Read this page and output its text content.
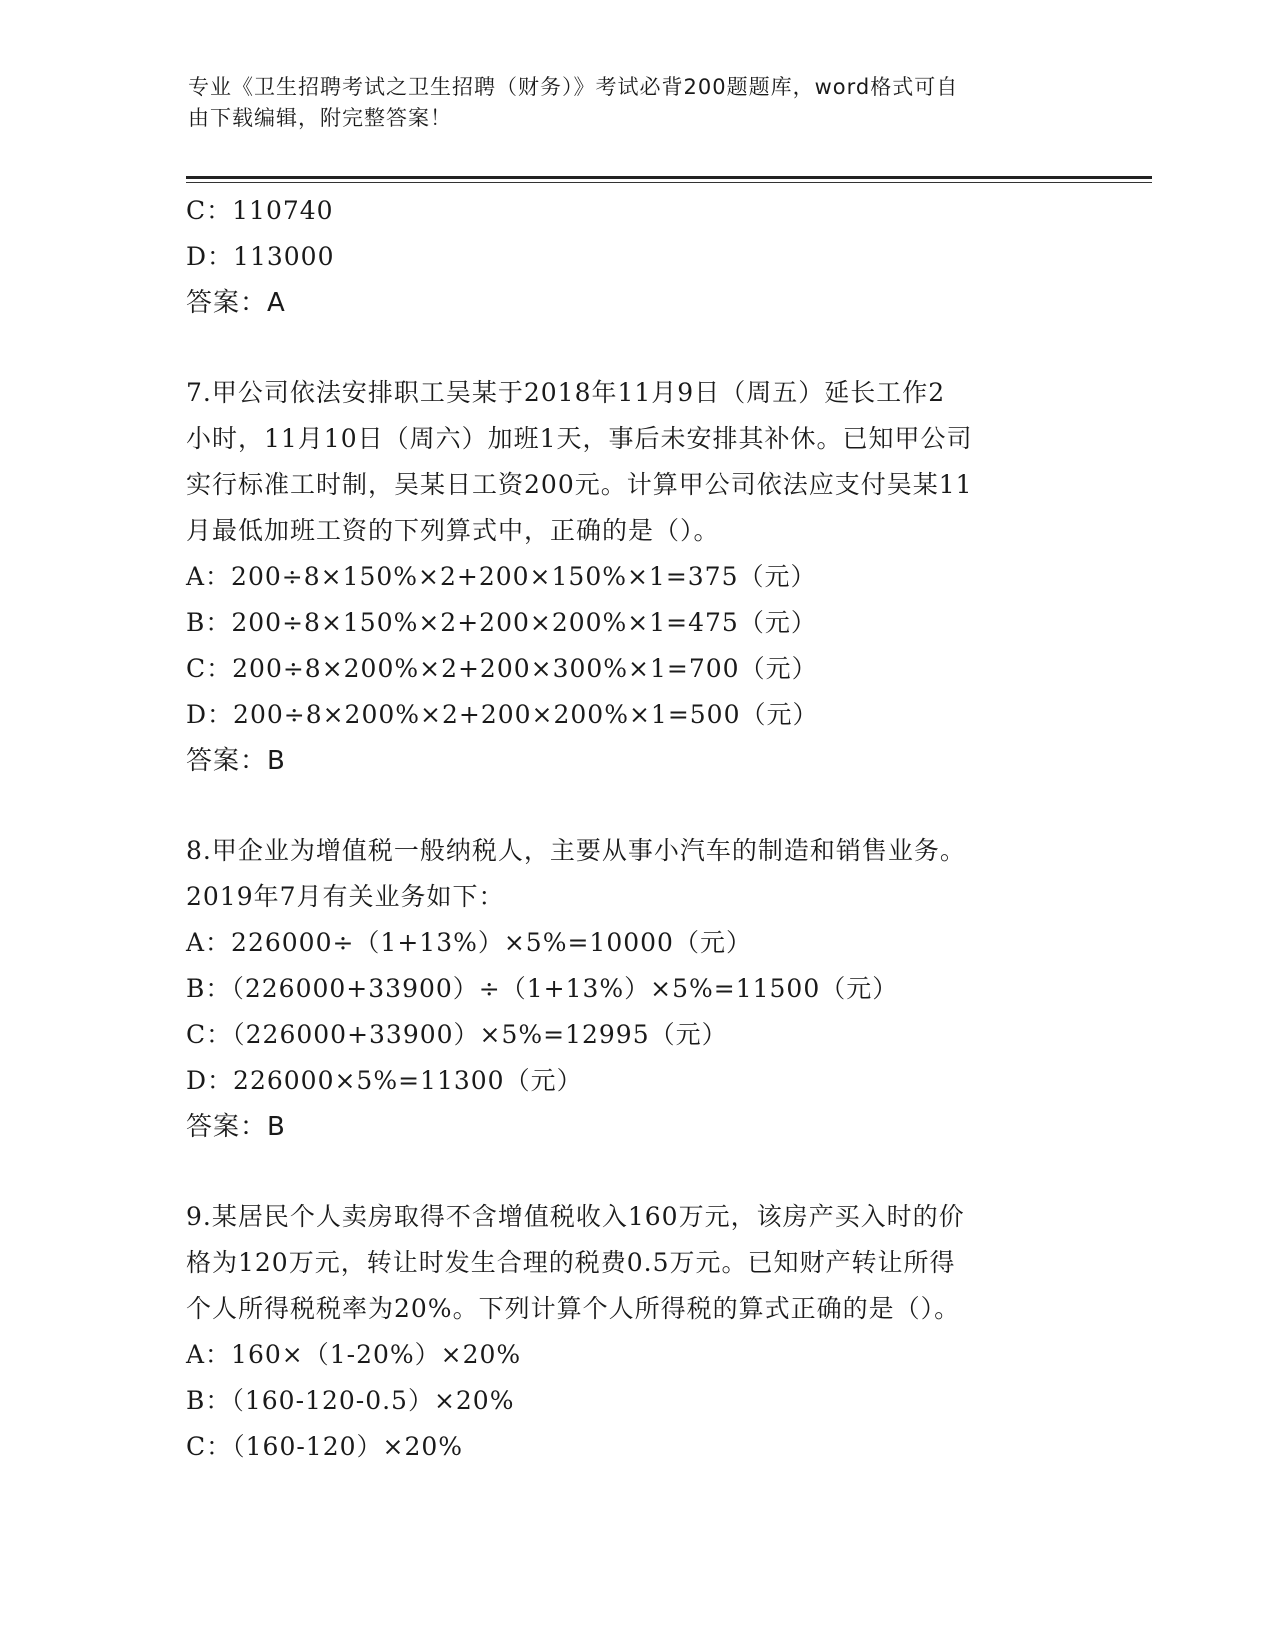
专业《卫生招聘考试之卫生招聘（财务）》考试必背200题题库，word格式可自
由下载编辑，附完整答案！
C：110740
D：113000
答案：A
7.甲公司依法安排职工吴某于2018年11月9日（周五）延长工作2
小时，11月10日（周六）加班1天，事后未安排其补休。已知甲公司
实行标准工时制，吴某日工资200元。计算甲公司依法应支付吴某11
月最低加班工资的下列算式中，正确的是（）。
A：200÷8×150%×2+200×150%×1=375（元）
B：200÷8×150%×2+200×200%×1=475（元）
C：200÷8×200%×2+200×300%×1=700（元）
D：200÷8×200%×2+200×200%×1=500（元）
答案：B
8.甲企业为增值税一般纳税人，主要从事小汽车的制造和销售业务。
2019年7月有关业务如下：
A：226000÷（1+13%）×5%=10000（元）
B：（226000+33900）÷（1+13%）×5%=11500（元）
C：（226000+33900）×5%=12995（元）
D：226000×5%=11300（元）
答案：B
9.某居民个人卖房取得不含增值税收入160万元，该房产买入时的价
格为120万元，转让时发生合理的税费0.5万元。已知财产转让所得
个人所得税税率为20%。下列计算个人所得税的算式正确的是（）。
A：160×（1-20%）×20%
B：（160-120-0.5）×20%
C：（160-120）×20%
